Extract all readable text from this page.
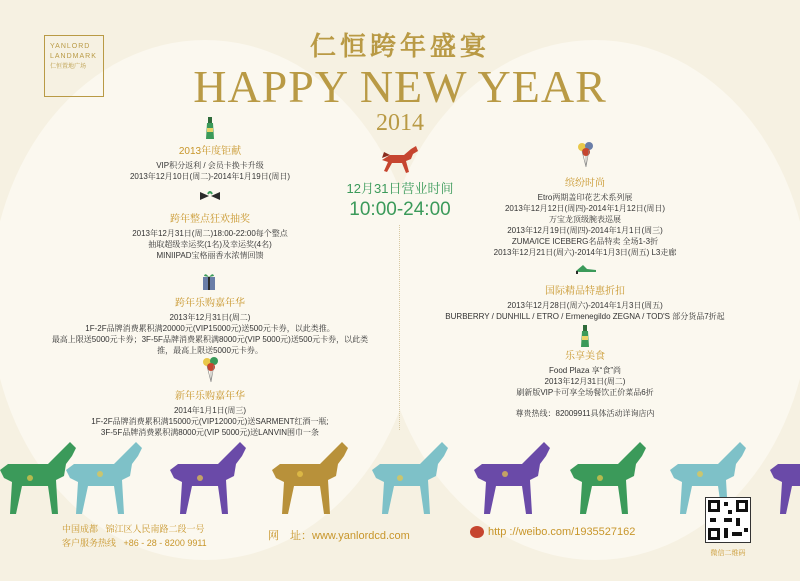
YANLORD
LANDMARK
仁恒置地广场
仁恒跨年盛宴
HAPPY NEW YEAR
2014
12月31日营业时间
10:00-24:00
2013年度钜献
VIP积分返利 / 会员卡换卡升级
2013年12月10日(周二)-2014年1月19日(周日)
跨年整点狂欢抽奖
2013年12月31日(周二)18:00-22:00每个整点
抽取超级幸运奖(1名)及幸运奖(4名)
MINIIPAD宝格丽香水浓情回馈
跨年乐购嘉年华
2013年12月31日(周二)
1F-2F品牌消费累积满20000元(VIP15000元)送500元卡券，以此类推。
最高上限送5000元卡券；3F-5F品牌消费累积满8000元(VIP 5000元)送500元卡券，以此类
推，最高上限送5000元卡券。
新年乐购嘉年华
2014年1月1日(周三)
1F-2F品牌消费累积满15000元(VIP12000元)送SARMENT红酒一瓶;
3F-5F品牌消费累积满8000元(VIP 5000元)送LANVIN围巾一条
缤纷时尚
Etro两期盖印花艺术系列展
2013年12月12日(周四)-2014年1月12日(周日)
万宝龙顶级腕表巡展
2013年12月19日(周四)-2014年1月1日(周三)
ZUMA/ICE ICEBERG名品特卖 全场1-3折
2013年12月21日(周六)-2014年1月3日(周五) L3走廊
国际精品特惠折扣
2013年12月28日(周六)-2014年1月3日(周五)
BURBERRY / DUNHILL / ETRO / Ermenegildo ZEGNA / TOD'S 部分货品7折起
乐享美食
Food Plaza 享“食”尚
2013年12月31日(周二)
刷新版VIP卡可享全场餐饮正价菜品6折
尊贵热线：82009911具体活动详询店内
中国成都 锦江区人民南路二段一号
客户服务热线 +86 - 28 - 8200 9911
网　址：www.yanlordcd.com	http ://weibo.com/1935527162
微信二维码
